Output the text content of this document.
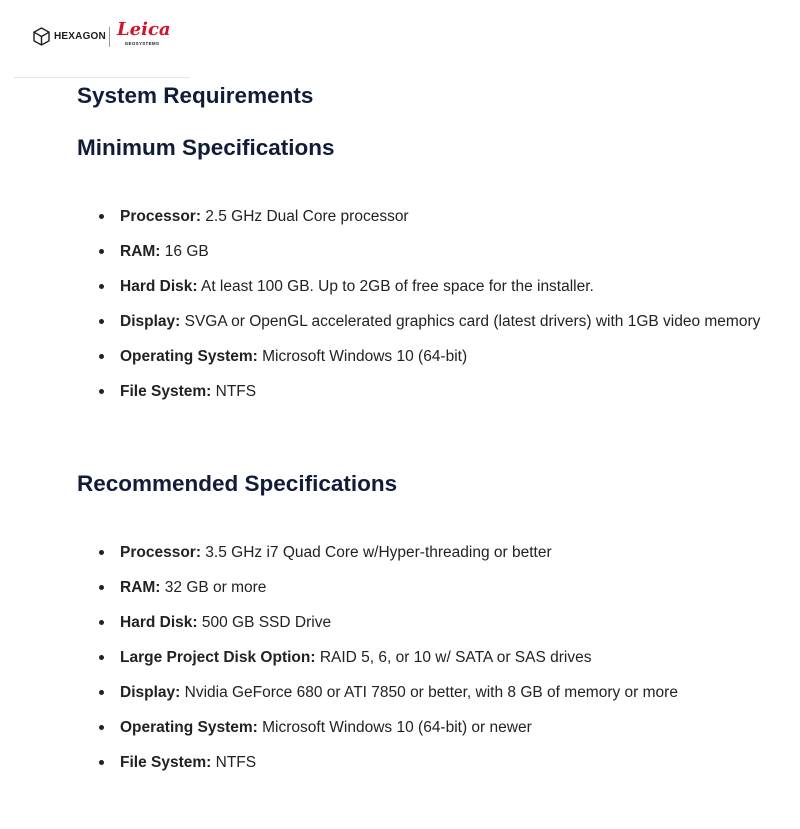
HEXAGON Leica
GEOSYSTEMS
System Requirements
Minimum Specifications
Processor: 2.5 GHz Dual Core processor
RAM: 16 GB
Hard Disk: At least 100 GB. Up to 2GB of free space for the installer.
Display: SVGA or OpenGL accelerated graphics card (latest drivers) with 1GB video memory
Operating System: Microsoft Windows 10 (64-bit)
File System: NTFS
Recommended Specifications
Processor: 3.5 GHz i7 Quad Core w/Hyper-threading or better
RAM: 32 GB or more
Hard Disk: 500 GB SSD Drive
Large Project Disk Option: RAID 5, 6, or 10 w/ SATA or SAS drives
Display: Nvidia GeForce 680 or ATI 7850 or better, with 8 GB of memory or more
Operating System: Microsoft Windows 10 (64-bit) or newer
File System: NTFS
